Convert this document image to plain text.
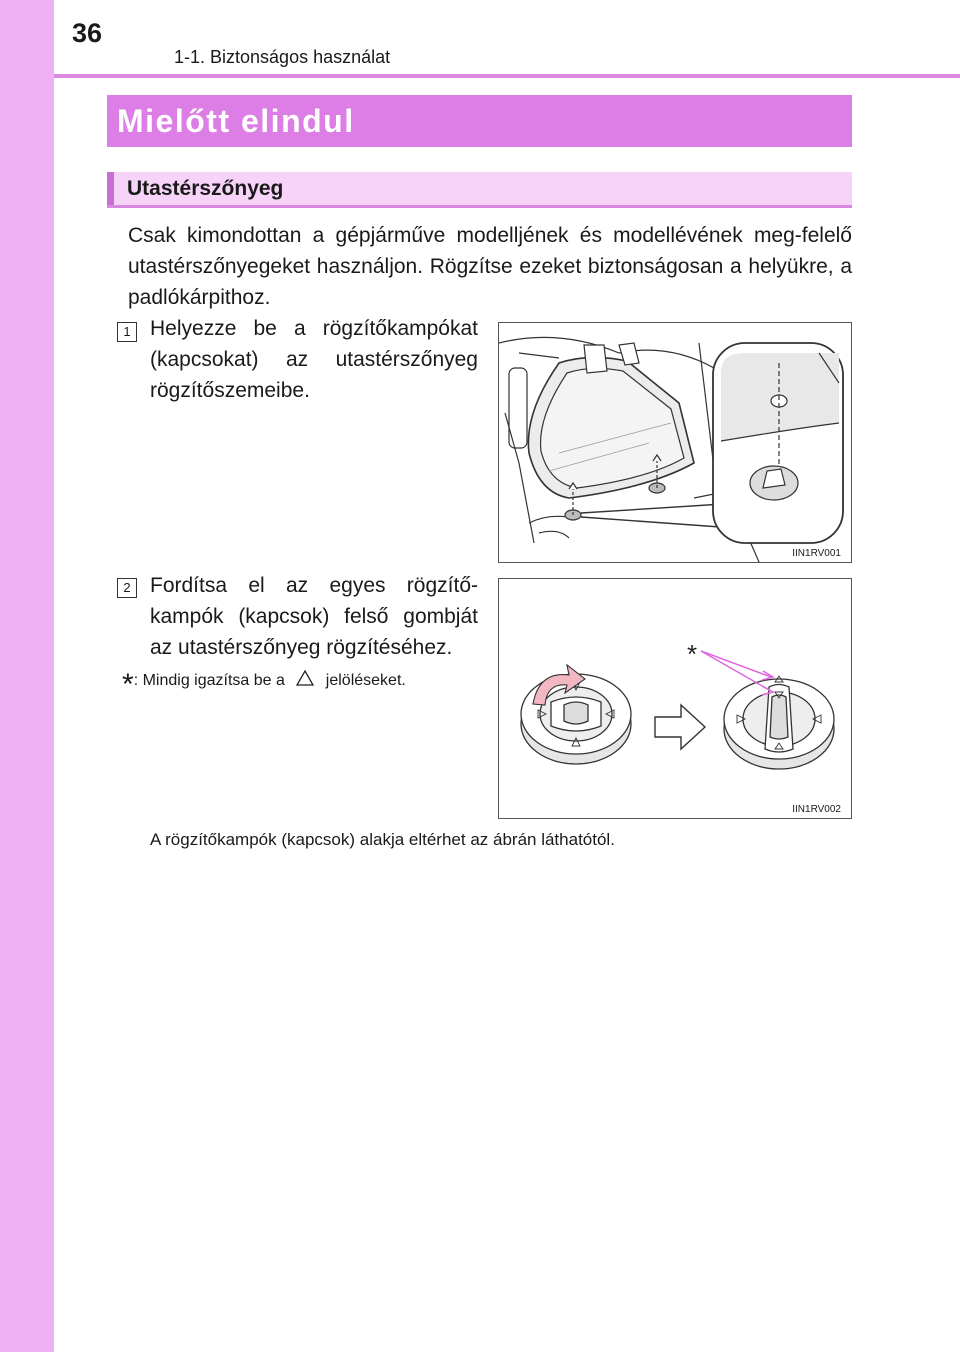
36
1-1. Biztonságos használat
Mielőtt elindul
Utastérszőnyeg
Csak kimondottan a gépjárműve modelljének és modellévének meg-felelő utastérszőnyegeket használjon. Rögzítse ezeket biztonságosan a helyükre, a padlókárpithoz.
1 Helyezze be a rögzítőkampókat (kapcsokat) az utastérszőnyeg rögzítőszemeibe.
IIN1RV001
2 Fordítsa el az egyes rögzítő-kampók (kapcsok) felső gombját az utastérszőnyeg rögzítéséhez.
*: Mindig igazítsa be a	jelöléseket.
*
IIN1RV002
A rögzítőkampók (kapcsok) alakja eltérhet az ábrán láthatótól.
